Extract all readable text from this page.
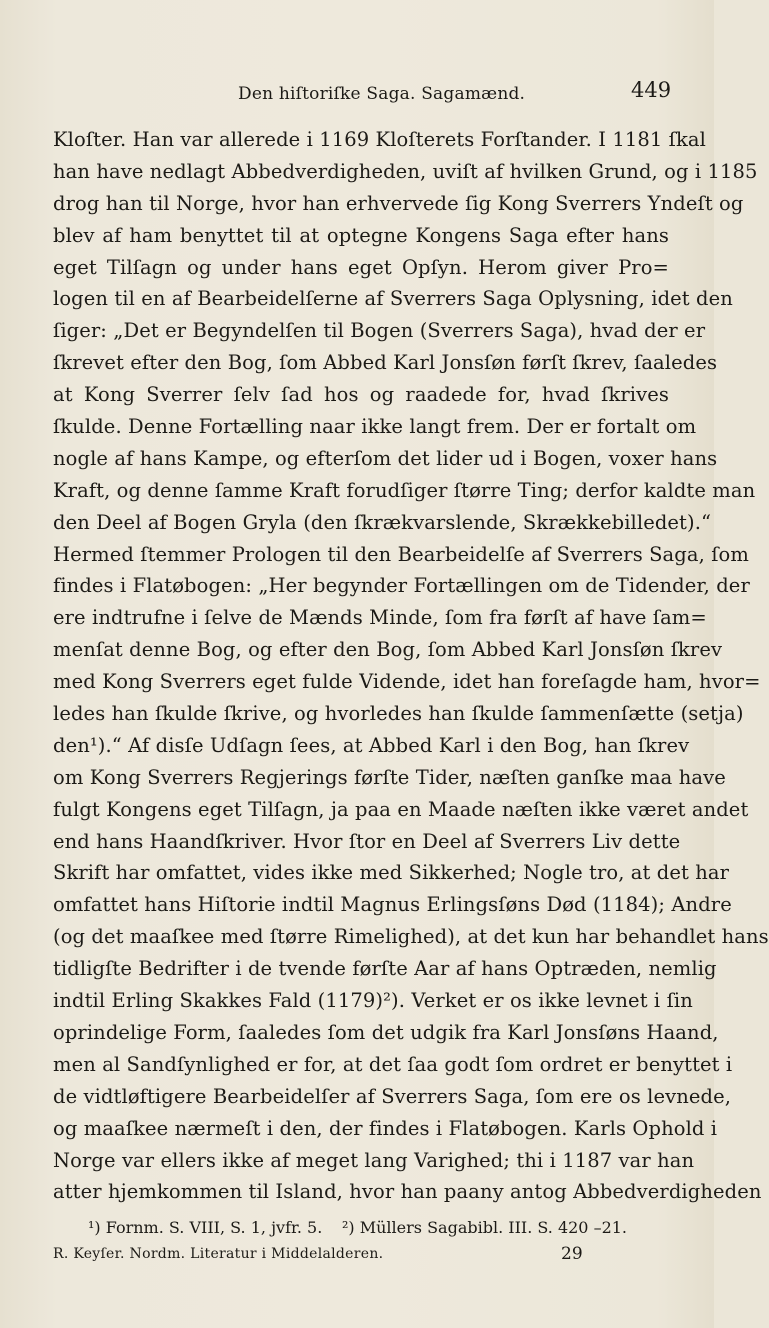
Den hiſtoriſke Saga. Sagamænd.	449
Kloſter. Han var allerede i 1169 Kloſterets Forſtander. I 1181 ſkal
han have nedlagt Abbedverdigheden, uviſt af hvilken Grund, og i 1185
drog han til Norge, hvor han erhvervede ſig Kong Sverrers Yndeſt og
blev af ham benyttet til at optegne Kongens Saga efter hans
eget Tilſagn og under hans eget Opſyn. Herom giver Pro=
logen til en af Bearbeidelſerne af Sverrers Saga Oplysning, idet den
ſiger: „Det er Begyndelſen til Bogen (Sverrers Saga), hvad der er
ſkrevet efter den Bog, ſom Abbed Karl Jonsſøn førſt ſkrev, ſaaledes
at Kong Sverrer ſelv ſad hos og raadede for, hvad ſkrives
ſkulde. Denne Fortælling naar ikke langt frem. Der er fortalt om
nogle af hans Kampe, og efterſom det lider ud i Bogen, voxer hans
Kraft, og denne ſamme Kraft forudſiger ſtørre Ting; derfor kaldte man
den Deel af Bogen Gryla (den ſkrækvarslende, Skrækkebilledet).“
Hermed ſtemmer Prologen til den Bearbeidelſe af Sverrers Saga, ſom
findes i Flatøbogen: „Her begynder Fortællingen om de Tidender, der
ere indtrufne i ſelve de Mænds Minde, ſom fra førſt af have ſam=
menſat denne Bog, og efter den Bog, ſom Abbed Karl Jonsſøn ſkrev
med Kong Sverrers eget fulde Vidende, idet han foreſagde ham, hvor=
ledes han ſkulde ſkrive, og hvorledes han ſkulde ſammenſætte (setja)
den¹).“ Af disſe Udſagn ſees, at Abbed Karl i den Bog, han ſkrev
om Kong Sverrers Regjerings førſte Tider, næſten ganſke maa have
fulgt Kongens eget Tilſagn, ja paa en Maade næſten ikke været andet
end hans Haandſkriver. Hvor ſtor en Deel af Sverrers Liv dette
Skrift har omfattet, vides ikke med Sikkerhed; Nogle tro, at det har
omfattet hans Hiſtorie indtil Magnus Erlingsſøns Død (1184); Andre
(og det maaſkee med ſtørre Rimelighed), at det kun har behandlet hans
tidligſte Bedrifter i de tvende førſte Aar af hans Optræden, nemlig
indtil Erling Skakkes Fald (1179)²). Verket er os ikke levnet i ſin
oprindelige Form, ſaaledes ſom det udgik fra Karl Jonsſøns Haand,
men al Sandſynlighed er for, at det ſaa godt ſom ordret er benyttet i
de vidtløftigere Bearbeidelſer af Sverrers Saga, ſom ere os levnede,
og maaſkee nærmeſt i den, der findes i Flatøbogen. Karls Ophold i
Norge var ellers ikke af meget lang Varighed; thi i 1187 var han
atter hjemkommen til Island, hvor han paany antog Abbedverdigheden
¹) Fornm. S. VIII, S. 1, jvfr. 5. ²) Müllers Sagabibl. III. S. 420 –21.
R. Keyſer. Nordm. Literatur i Middelalderen.	29
